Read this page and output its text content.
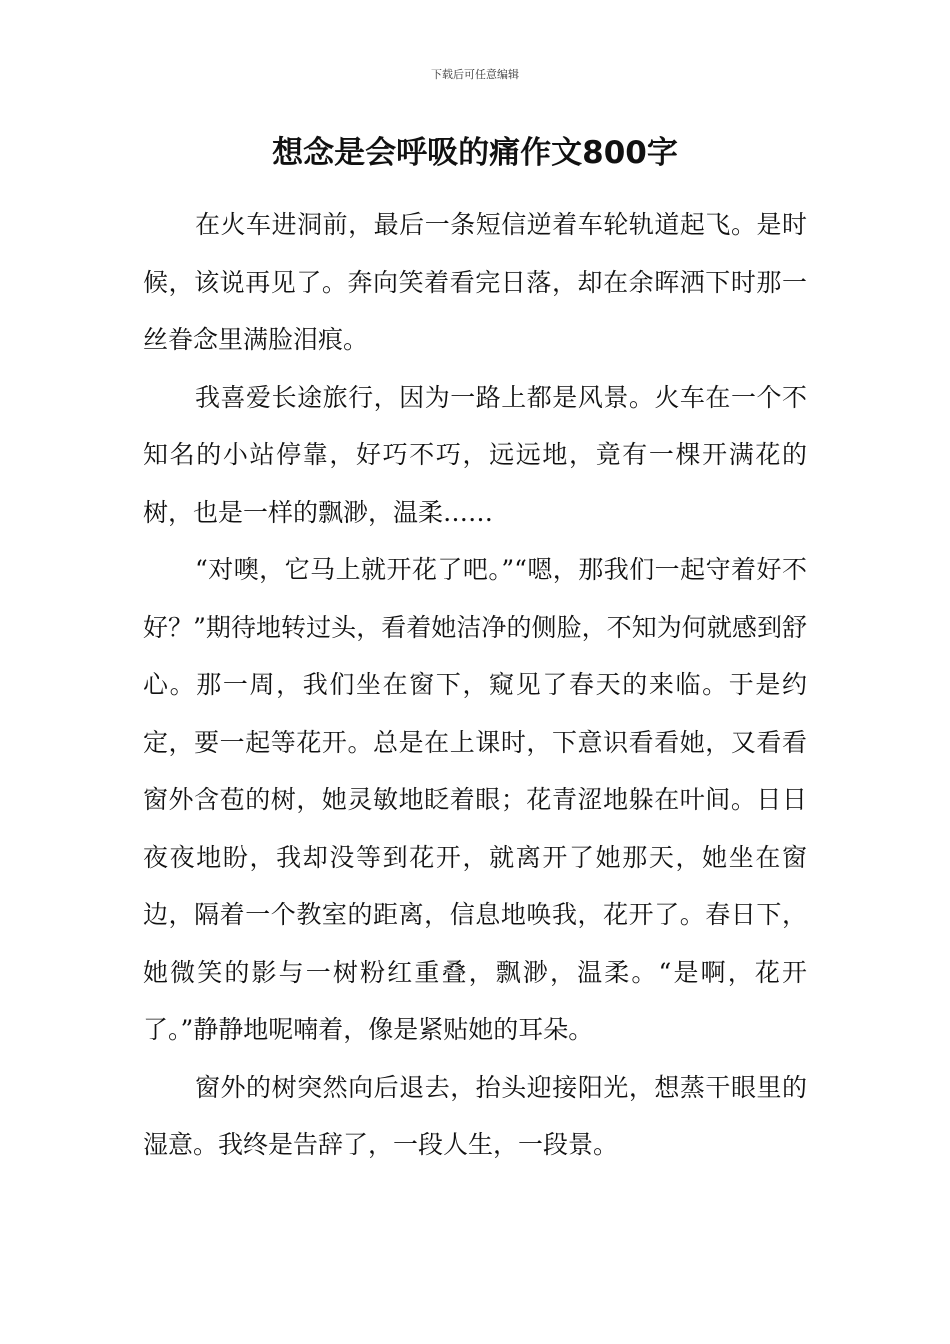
下载后可任意编辑
想念是会呼吸的痛作文800字

在火车进洞前，最后一条短信逆着车轮轨道起飞。是时候，该说再见了。奔向笑着看完日落，却在余晖洒下时那一丝眷念里满脸泪痕。

我喜爱长途旅行，因为一路上都是风景。火车在一个不知名的小站停靠，好巧不巧，远远地，竟有一棵开满花的树，也是一样的飘渺，温柔……

“对噢，它马上就开花了吧。”“嗯，那我们一起守着好不好？”期待地转过头，看着她洁净的侧脸，不知为何就感到舒心。那一周，我们坐在窗下，窥见了春天的来临。于是约定，要一起等花开。总是在上课时，下意识看看她，又看看窗外含苞的树，她灵敏地眨着眼；花青涩地躲在叶间。日日夜夜地盼，我却没等到花开，就离开了她那天，她坐在窗边，隔着一个教室的距离，信息地唤我，花开了。春日下，她微笑的影与一树粉红重叠，飘渺，温柔。“是啊，花开了。”静静地呢喃着，像是紧贴她的耳朵。

窗外的树突然向后退去，抬头迎接阳光，想蒸干眼里的湿意。我终是告辞了，一段人生，一段景。
